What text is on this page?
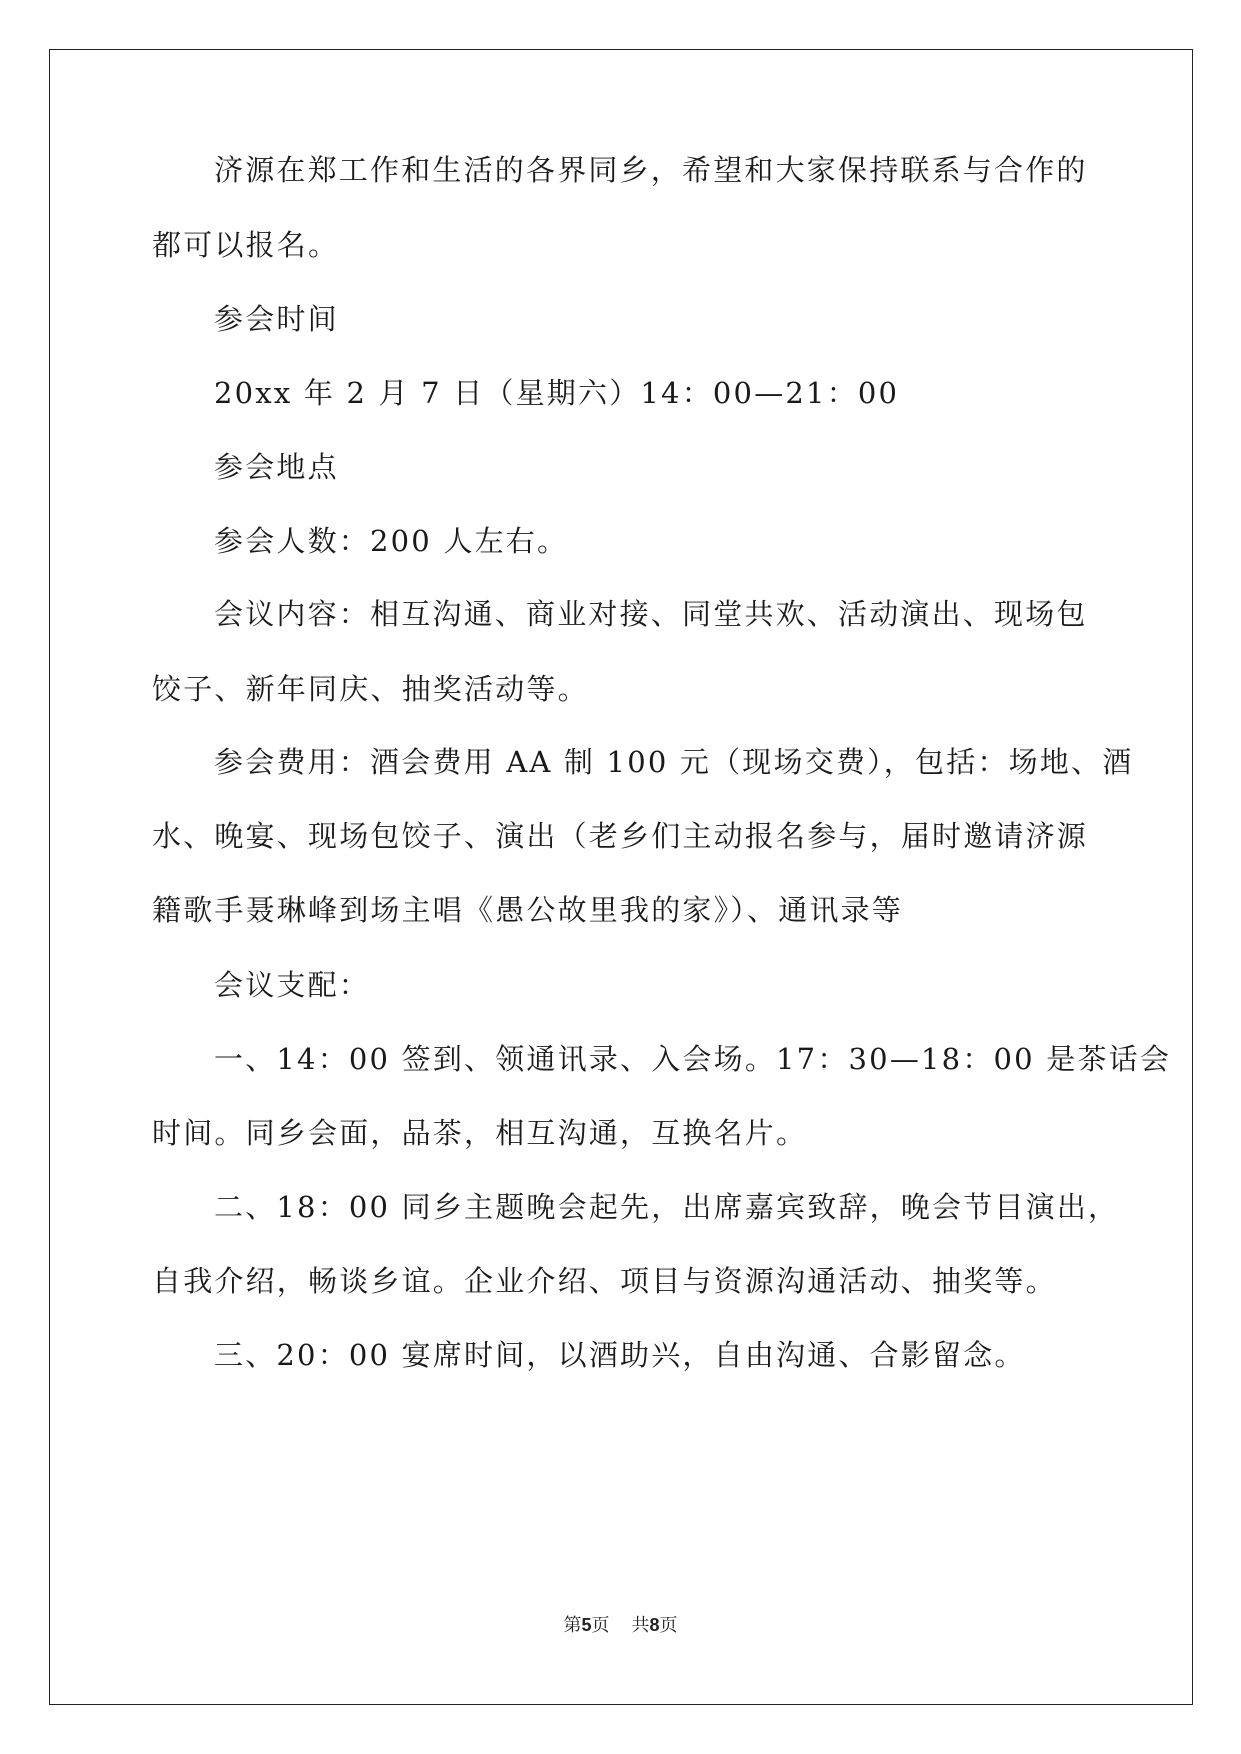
济源在郑工作和生活的各界同乡，希望和大家保持联系与合作的
都可以报名。
参会时间
20xx 年 2 月 7 日（星期六）14：00—21：00
参会地点
参会人数：200 人左右。
会议内容：相互沟通、商业对接、同堂共欢、活动演出、现场包
饺子、新年同庆、抽奖活动等。
参会费用：酒会费用 AA 制 100 元（现场交费），包括：场地、酒
水、晚宴、现场包饺子、演出（老乡们主动报名参与，届时邀请济源
籍歌手聂琳峰到场主唱《愚公故里我的家》）、通讯录等
会议支配：
一、14：00 签到、领通讯录、入会场。17：30—18：00 是茶话会
时间。同乡会面，品茶，相互沟通，互换名片。
二、18：00 同乡主题晚会起先，出席嘉宾致辞，晚会节目演出，
自我介绍，畅谈乡谊。企业介绍、项目与资源沟通活动、抽奖等。
三、20：00 宴席时间，以酒助兴，自由沟通、合影留念。
第5页 共8页
